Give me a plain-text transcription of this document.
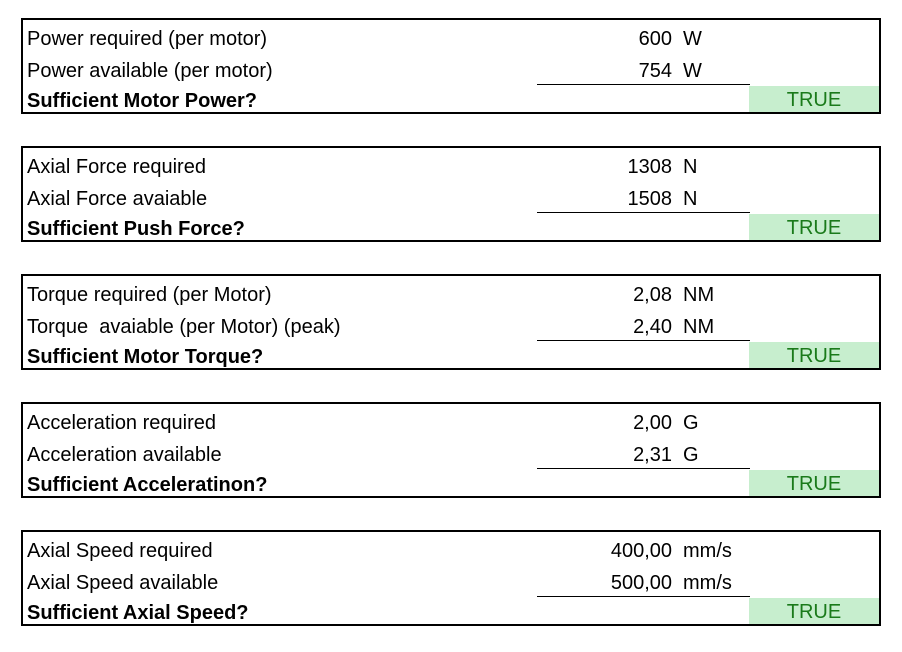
Power required (per motor)	600 W
Power available (per motor)	754 W
Sufficient Motor Power?	TRUE
Axial Force required	1308 N
Axial Force avaiable	1508 N
Sufficient Push Force?	TRUE
Torque required (per Motor)	2,08 NM
Torque  avaiable (per Motor) (peak)	2,40 NM
Sufficient Motor Torque?	TRUE
Acceleration required	2,00 G
Acceleration available	2,31 G
Sufficient Acceleratinon?	TRUE
Axial Speed required	400,00 mm/s
Axial Speed available	500,00 mm/s
Sufficient Axial Speed?	TRUE
